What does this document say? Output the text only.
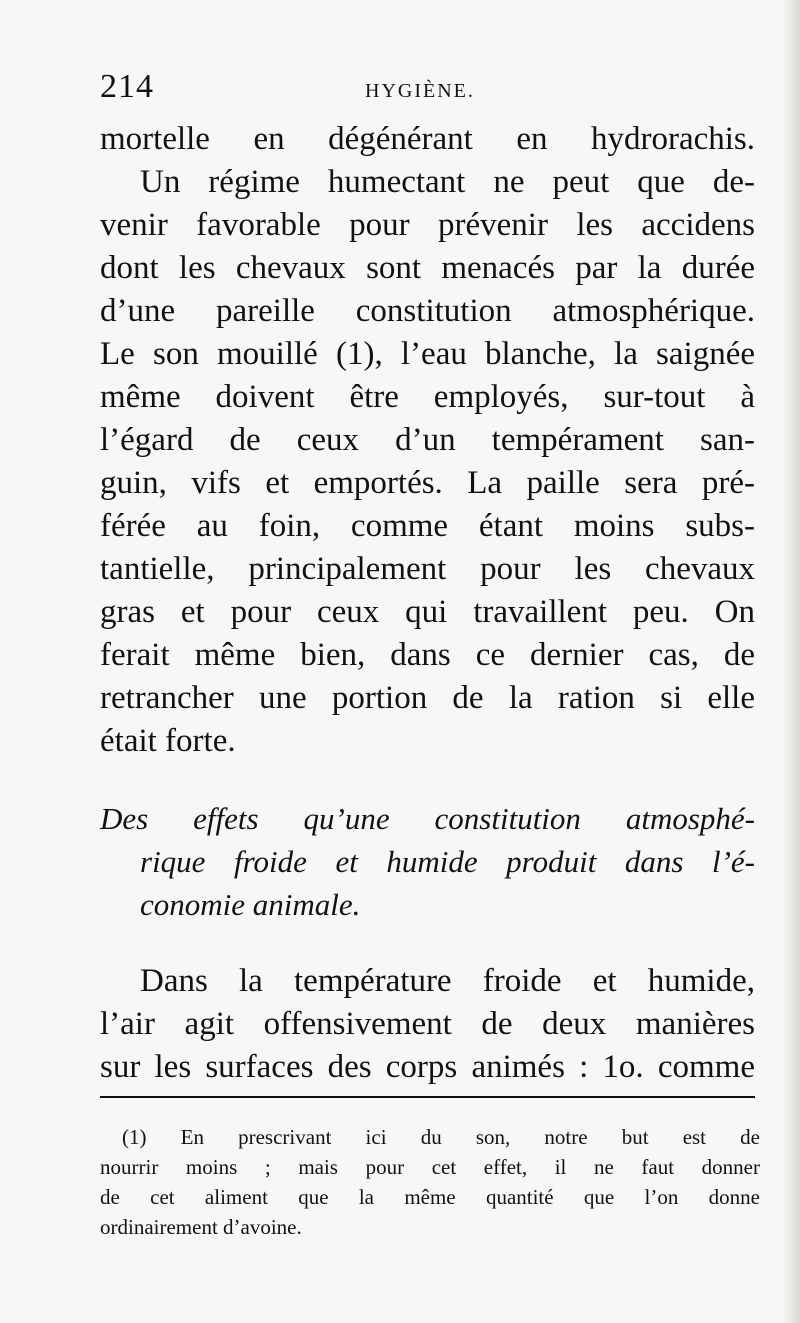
214	HYGIÈNE.
mortelle en dégénérant en hydrorachis.
Un régime humectant ne peut que de-
venir favorable pour prévenir les accidens
dont les chevaux sont menacés par la durée
d’une pareille constitution atmosphérique.
Le son mouillé (1), l’eau blanche, la saignée
même doivent être employés, sur-tout à
l’égard de ceux d’un tempérament san-
guin, vifs et emportés. La paille sera pré-
férée au foin, comme étant moins subs-
tantielle, principalement pour les chevaux
gras et pour ceux qui travaillent peu. On
ferait même bien, dans ce dernier cas, de
retrancher une portion de la ration si elle
était forte.
Des effets qu’une constitution atmosphé-
rique froide et humide produit dans l’é-
conomie animale.
Dans la température froide et humide,
l’air agit offensivement de deux manières
sur les surfaces des corps animés : 1o. comme
(1) En prescrivant ici du son, notre but est de
nourrir moins ; mais pour cet effet, il ne faut donner
de cet aliment que la même quantité que l’on donne
ordinairement d’avoine.
